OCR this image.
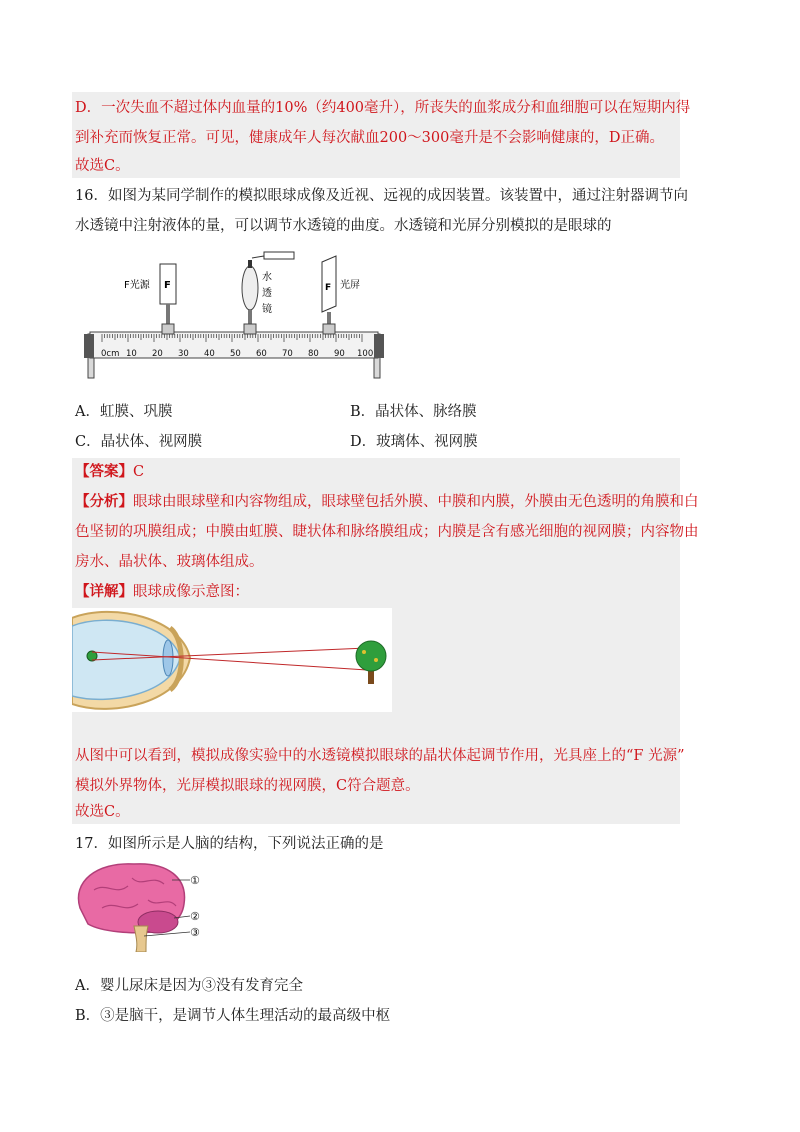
D．一次失血不超过体内血量的10%（约400毫升），所丧失的血浆成分和血细胞可以在短期内得
到补充而恢复正常。可见，健康成年人每次献血200～300毫升是不会影响健康的，D正确。
故选C。
16．如图为某同学制作的模拟眼球成像及近视、远视的成因装置。该装置中，通过注射器调节向
水透镜中注射液体的量，可以调节水透镜的曲度。水透镜和光屏分别模拟的是眼球的
0cm 10 20 30 40 50 60 70 80 90 100
F
F光源
水
透
镜
F 光屏
A．虹膜、巩膜	B．晶状体、脉络膜
C．晶状体、视网膜	D．玻璃体、视网膜
【答案】C
【分析】眼球由眼球壁和内容物组成，眼球壁包括外膜、中膜和内膜，外膜由无色透明的角膜和白
色坚韧的巩膜组成；中膜由虹膜、睫状体和脉络膜组成；内膜是含有感光细胞的视网膜；内容物由
房水、晶状体、玻璃体组成。
【详解】眼球成像示意图：
从图中可以看到，模拟成像实验中的水透镜模拟眼球的晶状体起调节作用，光具座上的“F 光源”
模拟外界物体，光屏模拟眼球的视网膜，C符合题意。
故选C。
17．如图所示是人脑的结构，下列说法正确的是
①
②
③
A．婴儿尿床是因为③没有发育完全
B．③是脑干，是调节人体生理活动的最高级中枢
